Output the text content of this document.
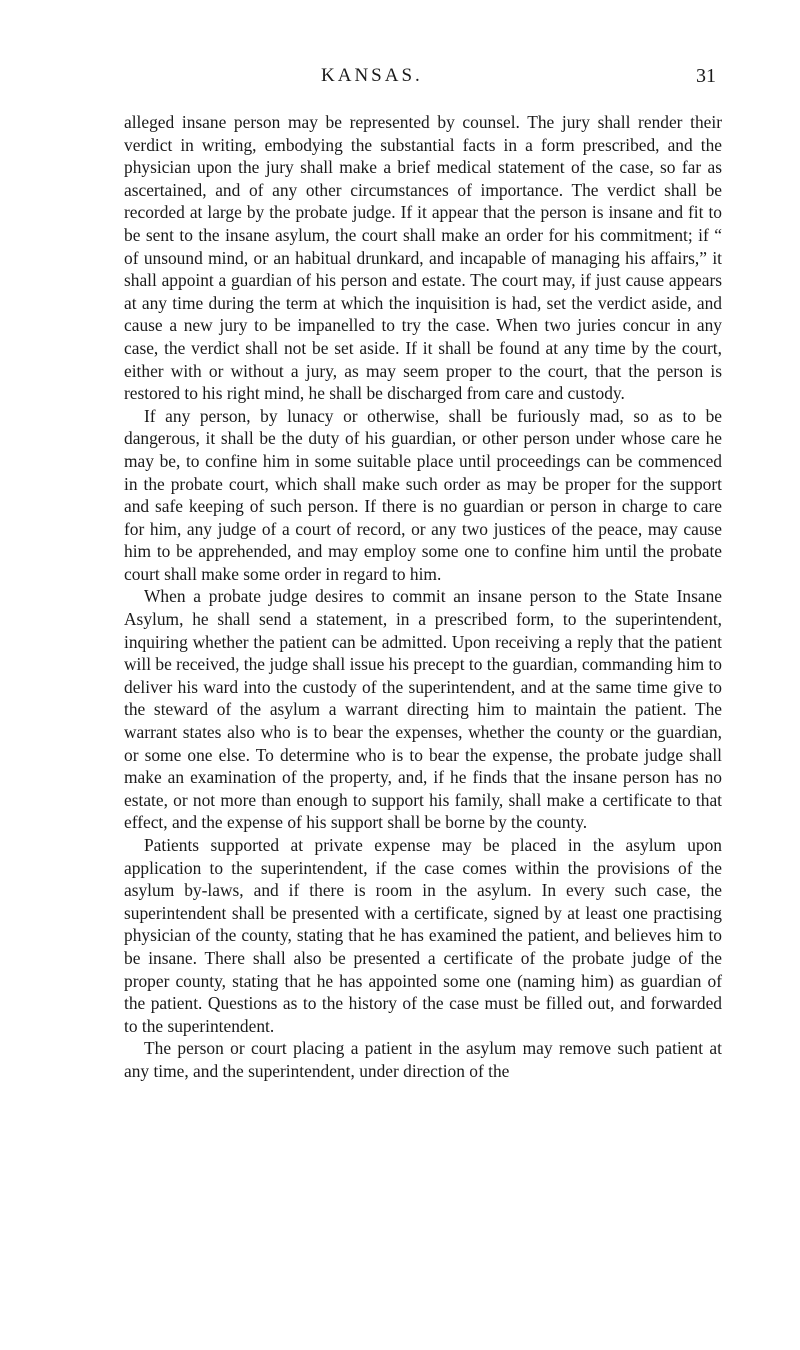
KANSAS.	31

alleged insane person may be represented by counsel. The jury shall render their verdict in writing, embodying the substantial facts in a form prescribed, and the physician upon the jury shall make a brief medical statement of the case, so far as ascertained, and of any other circumstances of importance. The verdict shall be recorded at large by the probate judge. If it appear that the person is insane and fit to be sent to the insane asylum, the court shall make an order for his commitment; if “ of unsound mind, or an habitual drunkard, and incapable of managing his affairs,” it shall appoint a guardian of his person and estate. The court may, if just cause appears at any time during the term at which the inquisition is had, set the verdict aside, and cause a new jury to be impanelled to try the case. When two juries concur in any case, the verdict shall not be set aside. If it shall be found at any time by the court, either with or without a jury, as may seem proper to the court, that the person is restored to his right mind, he shall be discharged from care and custody.

If any person, by lunacy or otherwise, shall be furiously mad, so as to be dangerous, it shall be the duty of his guardian, or other person under whose care he may be, to confine him in some suitable place until proceedings can be commenced in the probate court, which shall make such order as may be proper for the support and safe keeping of such person. If there is no guardian or person in charge to care for him, any judge of a court of record, or any two justices of the peace, may cause him to be apprehended, and may employ some one to confine him until the probate court shall make some order in regard to him.

When a probate judge desires to commit an insane person to the State Insane Asylum, he shall send a statement, in a prescribed form, to the superintendent, inquiring whether the patient can be admitted. Upon receiving a reply that the patient will be received, the judge shall issue his precept to the guardian, commanding him to deliver his ward into the custody of the superintendent, and at the same time give to the steward of the asylum a warrant directing him to maintain the patient. The warrant states also who is to bear the expenses, whether the county or the guardian, or some one else. To determine who is to bear the expense, the probate judge shall make an examination of the property, and, if he finds that the insane person has no estate, or not more than enough to support his family, shall make a certificate to that effect, and the expense of his support shall be borne by the county.

Patients supported at private expense may be placed in the asylum upon application to the superintendent, if the case comes within the provisions of the asylum by-laws, and if there is room in the asylum. In every such case, the superintendent shall be presented with a certificate, signed by at least one practising physician of the county, stating that he has examined the patient, and believes him to be insane. There shall also be presented a certificate of the probate judge of the proper county, stating that he has appointed some one (naming him) as guardian of the patient. Questions as to the history of the case must be filled out, and forwarded to the superintendent.

The person or court placing a patient in the asylum may remove such patient at any time, and the superintendent, under direction of the
